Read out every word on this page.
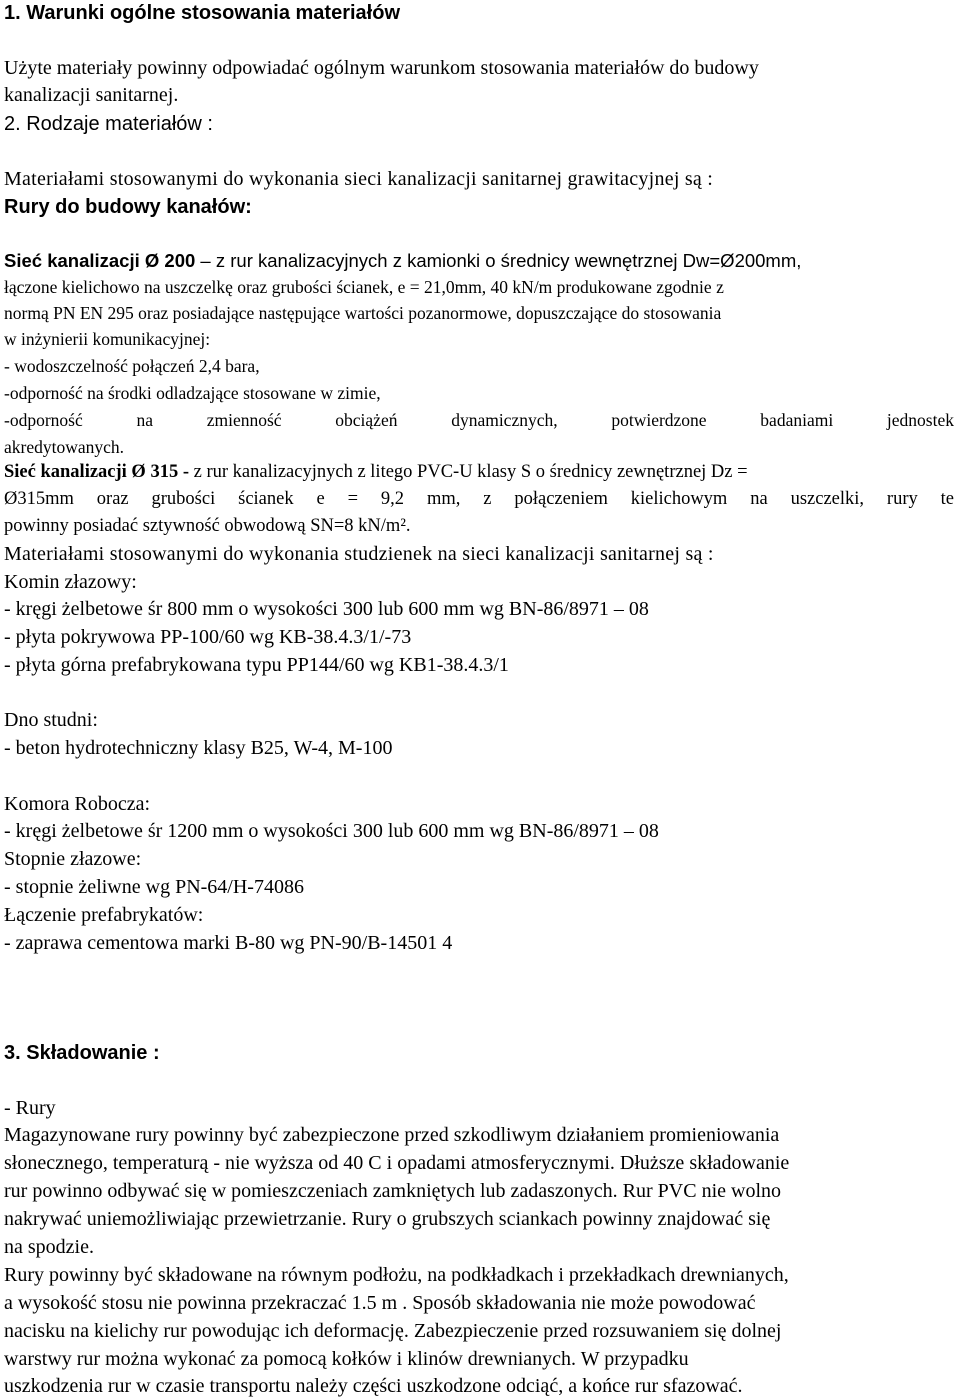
1. Warunki ogólne stosowania materiałów
Użyte materiały powinny odpowiadać ogólnym warunkom stosowania materiałów do budowy
kanalizacji sanitarnej.
2. Rodzaje materiałów :
Materiałami stosowanymi do wykonania sieci kanalizacji sanitarnej grawitacyjnej są :
Rury do budowy kanałów:
Sieć kanalizacji Ø 200 – z rur kanalizacyjnych z kamionki o średnicy wewnętrznej Dw=Ø200mm,
łączone kielichowo na uszczelkę oraz grubości ścianek, e = 21,0mm, 40 kN/m produkowane zgodnie z
normą PN EN 295 oraz posiadające następujące wartości pozanormowe, dopuszczające do stosowania
w inżynierii komunikacyjnej:
- wodoszczelność połączeń 2,4 bara,
-odporność na środki odladzające stosowane w zimie,
-odporność na zmienność obciążeń dynamicznych, potwierdzone badaniami jednostek
akredytowanych.
Sieć kanalizacji Ø 315 - z rur kanalizacyjnych z litego PVC-U klasy S o średnicy zewnętrznej Dz =
Ø315mm oraz grubości ścianek e = 9,2 mm, z połączeniem kielichowym na uszczelki, rury te
powinny posiadać sztywność obwodową SN=8 kN/m².
Materiałami stosowanymi do wykonania studzienek na sieci kanalizacji sanitarnej są :
Komin złazowy:
- kręgi żelbetowe śr 800 mm o wysokości 300 lub 600 mm wg BN-86/8971 – 08
- płyta pokrywowa PP-100/60 wg KB-38.4.3/1/-73
- płyta górna prefabrykowana typu PP144/60 wg KB1-38.4.3/1
Dno studni:
- beton hydrotechniczny klasy B25, W-4, M-100
Komora Robocza:
- kręgi żelbetowe śr 1200 mm o wysokości 300 lub 600 mm wg BN-86/8971 – 08
Stopnie złazowe:
- stopnie żeliwne wg PN-64/H-74086
Łączenie prefabrykatów:
- zaprawa cementowa marki B-80 wg PN-90/B-14501 4
3. Składowanie :
- Rury
Magazynowane rury powinny być zabezpieczone przed szkodliwym działaniem promieniowania
słonecznego, temperaturą - nie wyższa od 40 C i opadami atmosferycznymi. Dłuższe składowanie
rur powinno odbywać się w pomieszczeniach zamkniętych lub zadaszonych. Rur PVC nie wolno
nakrywać uniemożliwiając przewietrzanie. Rury o grubszych sciankach powinny znajdować się
na spodzie.
Rury powinny być składowane na równym podłożu, na podkładkach i przekładkach drewnianych,
a wysokość stosu nie powinna przekraczać 1.5 m . Sposób składowania nie może powodować
nacisku na kielichy rur powodując ich deformację. Zabezpieczenie przed rozsuwaniem się dolnej
warstwy rur można wykonać za pomocą kołków i klinów drewnianych. W przypadku
uszkodzenia rur w czasie transportu należy części uszkodzone odciąć, a końce rur sfazować.
